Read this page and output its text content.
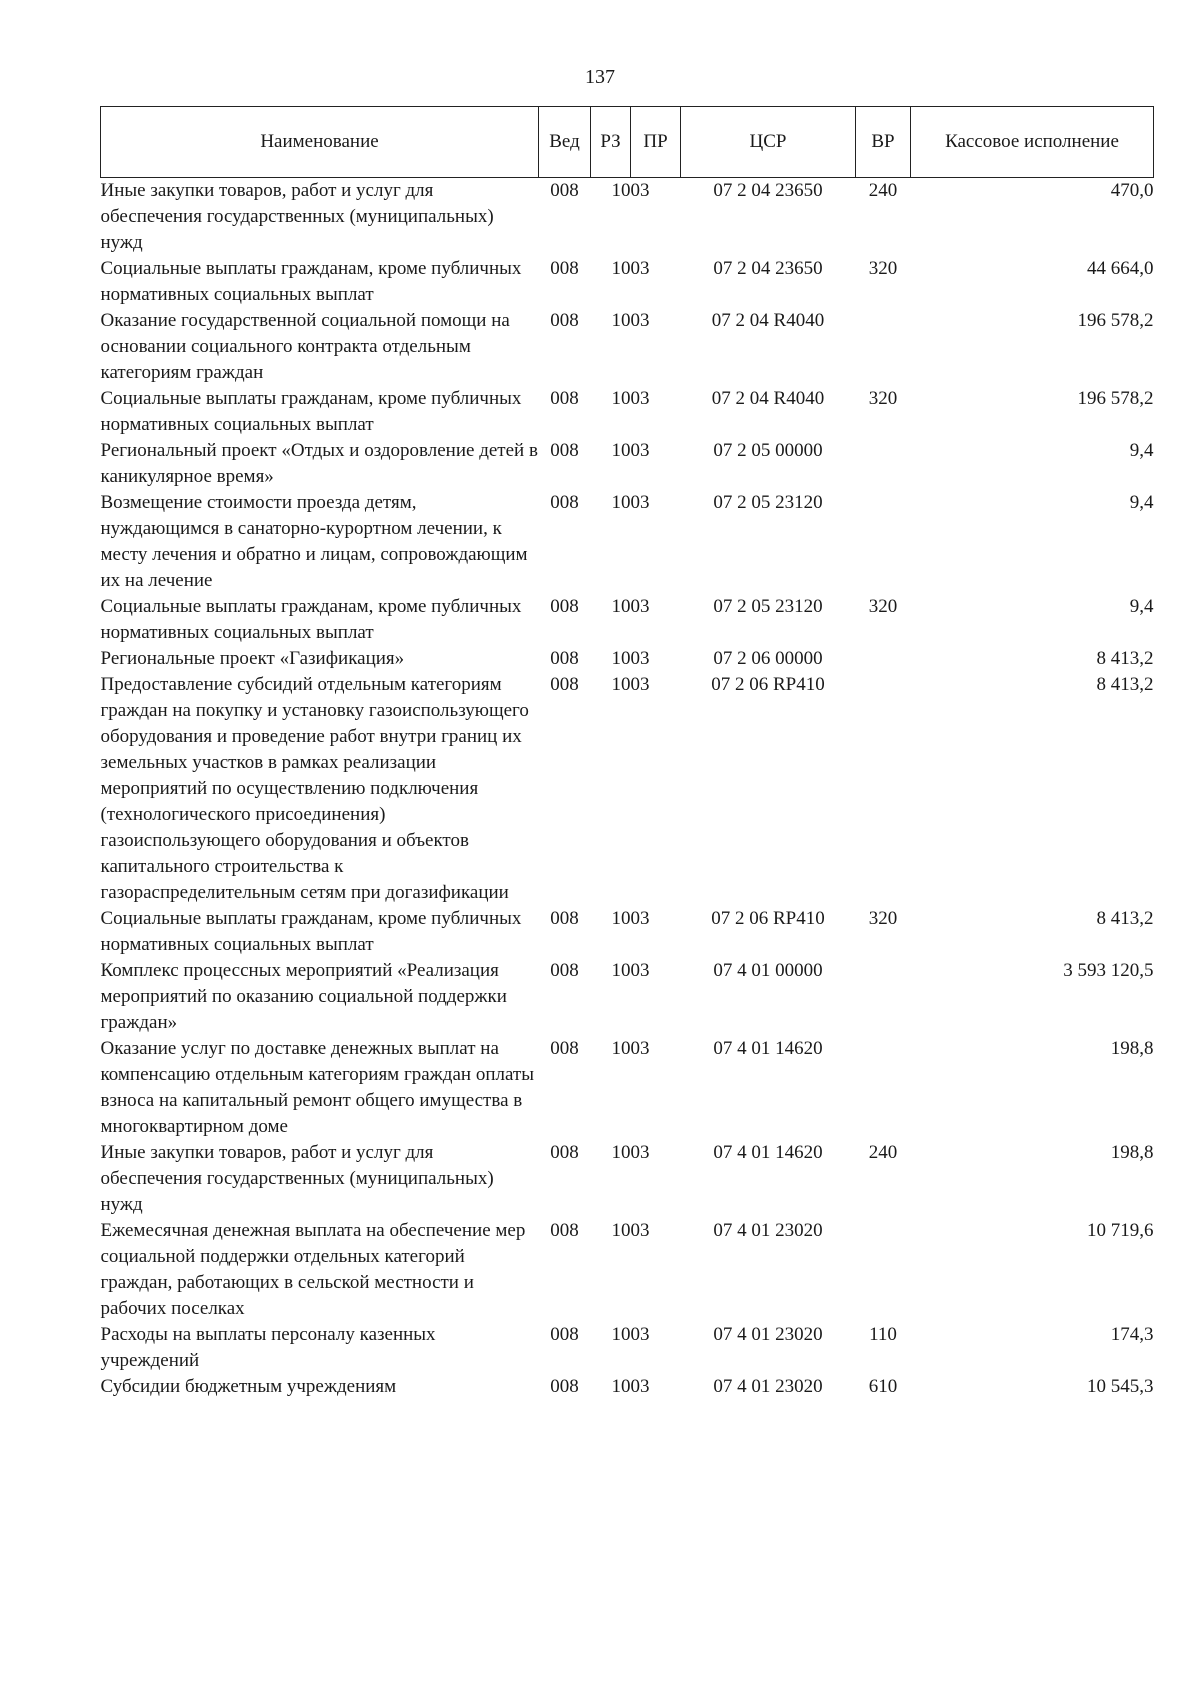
137
Наименование	Вед	РЗ	ПР	ЦСР	ВР	Кассовое исполнение
Иные закупки товаров, работ и услуг для обеспечения государственных (муниципальных) нужд	008	10	03	07 2 04 23650	240	470,0
Социальные выплаты гражданам, кроме публичных нормативных социальных выплат	008	10	03	07 2 04 23650	320	44 664,0
Оказание государственной социальной помощи на основании социального контракта отдельным категориям граждан	008	10	03	07 2 04 R4040		196 578,2
Социальные выплаты гражданам, кроме публичных нормативных социальных выплат	008	10	03	07 2 04 R4040	320	196 578,2
Региональный проект «Отдых и оздоровление детей в каникулярное время»	008	10	03	07 2 05 00000		9,4
Возмещение стоимости проезда детям, нуждающимся в санаторно-курортном лечении, к месту лечения и обратно и лицам, сопровождающим их на лечение	008	10	03	07 2 05 23120		9,4
Социальные выплаты гражданам, кроме публичных нормативных социальных выплат	008	10	03	07 2 05 23120	320	9,4
Региональные проект «Газификация»	008	10	03	07 2 06 00000		8 413,2
Предоставление субсидий отдельным категориям граждан на покупку и установку газоиспользующего оборудования и проведение работ внутри границ их земельных участков в рамках реализации мероприятий по осуществлению подключения (технологического присоединения) газоиспользующего оборудования и объектов капитального строительства к газораспределительным сетям при догазификации	008	10	03	07 2 06 RP410		8 413,2
Социальные выплаты гражданам, кроме публичных нормативных социальных выплат	008	10	03	07 2 06 RP410	320	8 413,2
Комплекс процессных мероприятий «Реализация мероприятий по оказанию социальной поддержки граждан»	008	10	03	07 4 01 00000		3 593 120,5
Оказание услуг по доставке денежных выплат на компенсацию отдельным категориям граждан оплаты взноса на капитальный ремонт общего имущества в многоквартирном доме	008	10	03	07 4 01 14620		198,8
Иные закупки товаров, работ и услуг для обеспечения государственных (муниципальных) нужд	008	10	03	07 4 01 14620	240	198,8
Ежемесячная денежная выплата на обеспечение мер социальной поддержки отдельных категорий граждан, работающих в сельской местности и рабочих поселках	008	10	03	07 4 01 23020		10 719,6
Расходы на выплаты персоналу казенных учреждений	008	10	03	07 4 01 23020	110	174,3
Субсидии бюджетным учреждениям	008	10	03	07 4 01 23020	610	10 545,3
